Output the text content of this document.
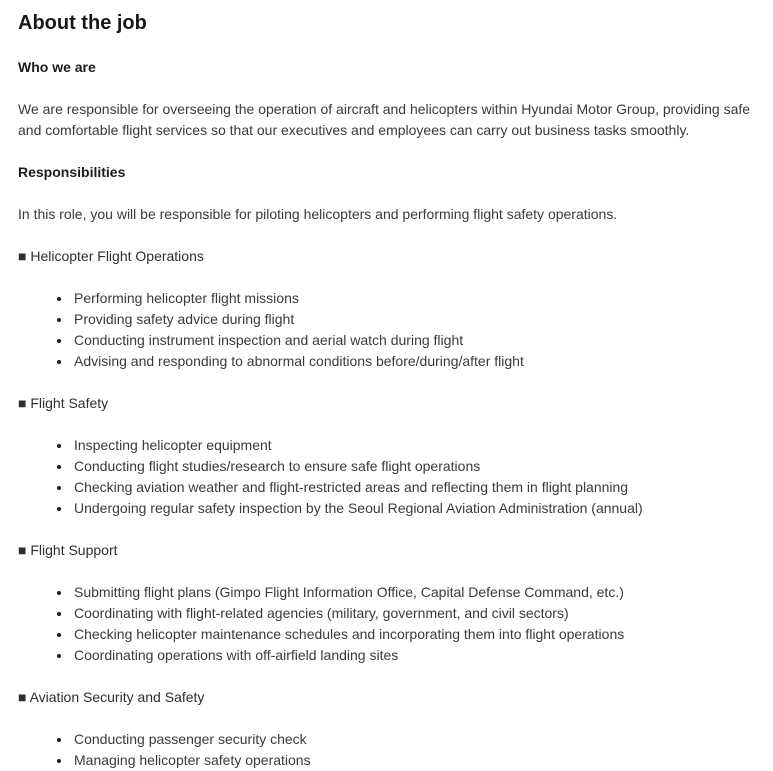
About the job
Who we are

We are responsible for overseeing the operation of aircraft and helicopters within Hyundai Motor Group, providing safe and comfortable flight services so that our executives and employees can carry out business tasks smoothly.

Responsibilities

In this role, you will be responsible for piloting helicopters and performing flight safety operations.

■ Helicopter Flight Operations

• Performing helicopter flight missions
• Providing safety advice during flight
• Conducting instrument inspection and aerial watch during flight
• Advising and responding to abnormal conditions before/during/after flight

■ Flight Safety

• Inspecting helicopter equipment
• Conducting flight studies/research to ensure safe flight operations
• Checking aviation weather and flight-restricted areas and reflecting them in flight planning
• Undergoing regular safety inspection by the Seoul Regional Aviation Administration (annual)

■ Flight Support

• Submitting flight plans (Gimpo Flight Information Office, Capital Defense Command, etc.)
• Coordinating with flight-related agencies (military, government, and civil sectors)
• Checking helicopter maintenance schedules and incorporating them into flight operations
• Coordinating operations with off-airfield landing sites

■ Aviation Security and Safety

• Conducting passenger security check
• Managing helicopter safety operations
